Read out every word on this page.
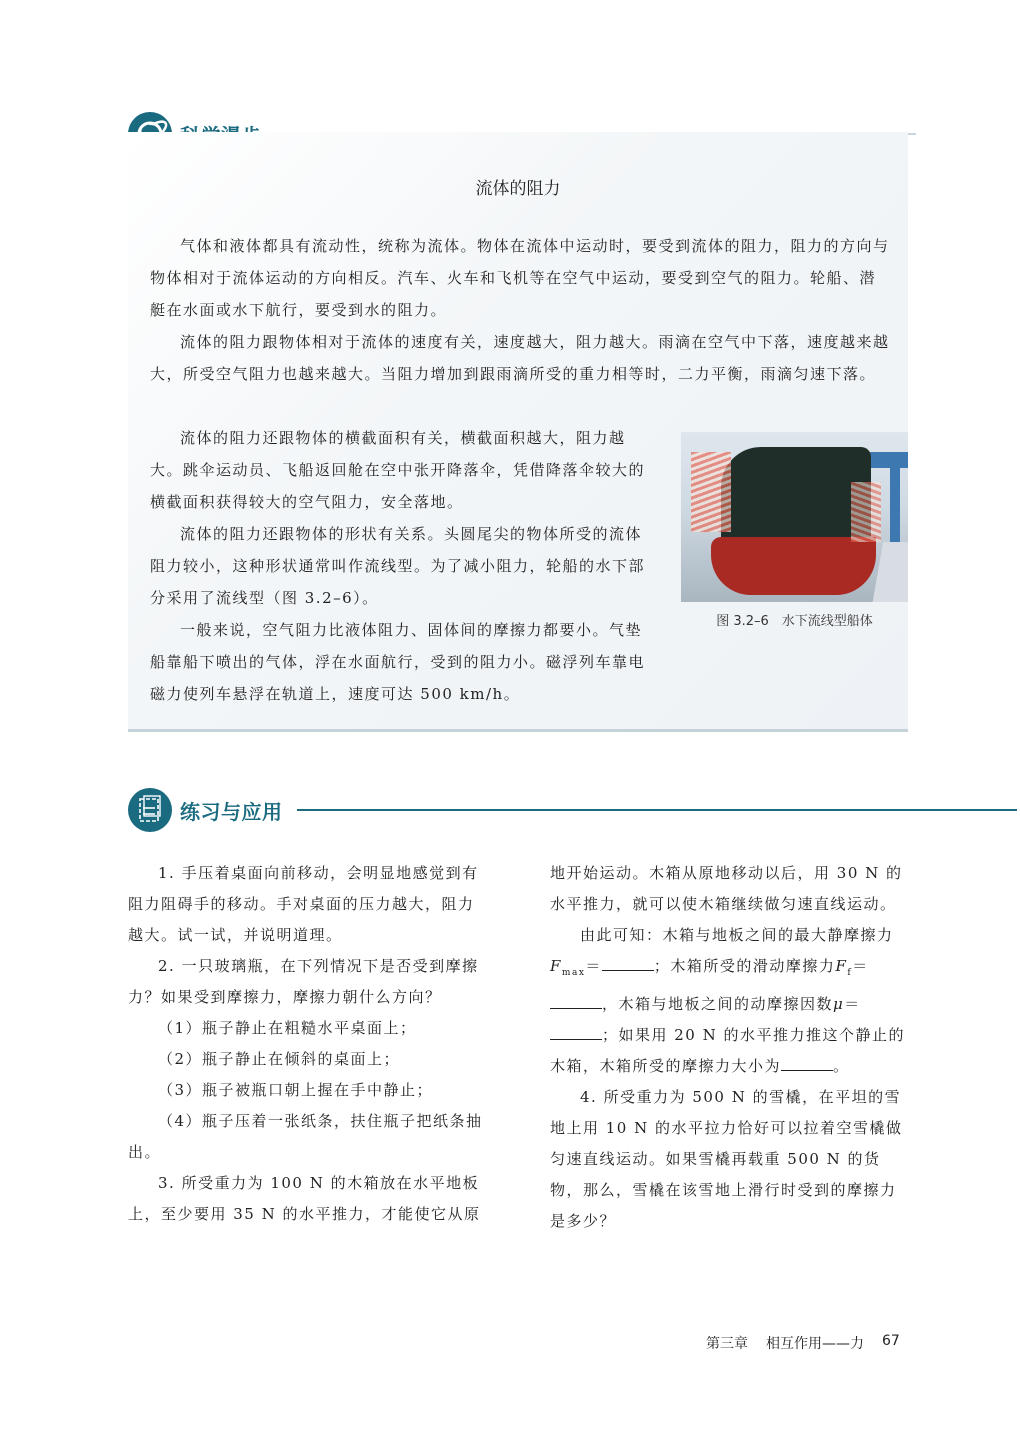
流体的阻力

气体和液体都具有流动性，统称为流体。物体在流体中运动时，要受到流体的阻力，阻力的方向与物体相对于流体运动的方向相反。汽车、火车和飞机等在空气中运动，要受到空气的阻力。轮船、潜艇在水面或水下航行，要受到水的阻力。

流体的阻力跟物体相对于流体的速度有关，速度越大，阻力越大。雨滴在空气中下落，速度越来越大，所受空气阻力也越来越大。当阻力增加到跟雨滴所受的重力相等时，二力平衡，雨滴匀速下落。

流体的阻力还跟物体的横截面积有关，横截面积越大，阻力越大。跳伞运动员、飞船返回舱在空中张开降落伞，凭借降落伞较大的横截面积获得较大的空气阻力，安全落地。

流体的阻力还跟物体的形状有关系。头圆尾尖的物体所受的流体阻力较小，这种形状通常叫作流线型。为了减小阻力，轮船的水下部分采用了流线型（图 3.2–6）。

一般来说，空气阻力比液体阻力、固体间的摩擦力都要小。气垫船靠船下喷出的气体，浮在水面航行，受到的阻力小。磁浮列车靠电磁力使列车悬浮在轨道上，速度可达 500 km/h。

图 3.2–6　水下流线型船体
练习与应用

1. 手压着桌面向前移动，会明显地感觉到有阻力阻碍手的移动。手对桌面的压力越大，阻力越大。试一试，并说明道理。

2. 一只玻璃瓶，在下列情况下是否受到摩擦力？如果受到摩擦力，摩擦力朝什么方向？

（1）瓶子静止在粗糙水平桌面上；

（2）瓶子静止在倾斜的桌面上；

（3）瓶子被瓶口朝上握在手中静止；

（4）瓶子压着一张纸条，扶住瓶子把纸条抽出。

3. 所受重力为 100 N 的木箱放在水平地板上，至少要用 35 N 的水平推力，才能使它从原

地开始运动。木箱从原地移动以后，用 30 N 的水平推力，就可以使木箱继续做匀速直线运动。

由此可知：木箱与地板之间的最大静摩擦力$F_{max}=$	；木箱所受的滑动摩擦力$F_f=$，木箱与地板之间的动摩擦因数μ＝；如果用 20 N 的水平推力推这个静止的木箱，木箱所受的摩擦力大小为	。

4. 所受重力为 500 N 的雪橇，在平坦的雪地上用 10 N 的水平拉力恰好可以拉着空雪橇做匀速直线运动。如果雪橇再载重 500 N 的货物，那么，雪橇在该雪地上滑行时受到的摩擦力是多少？

第三章 相互作用——力 67
